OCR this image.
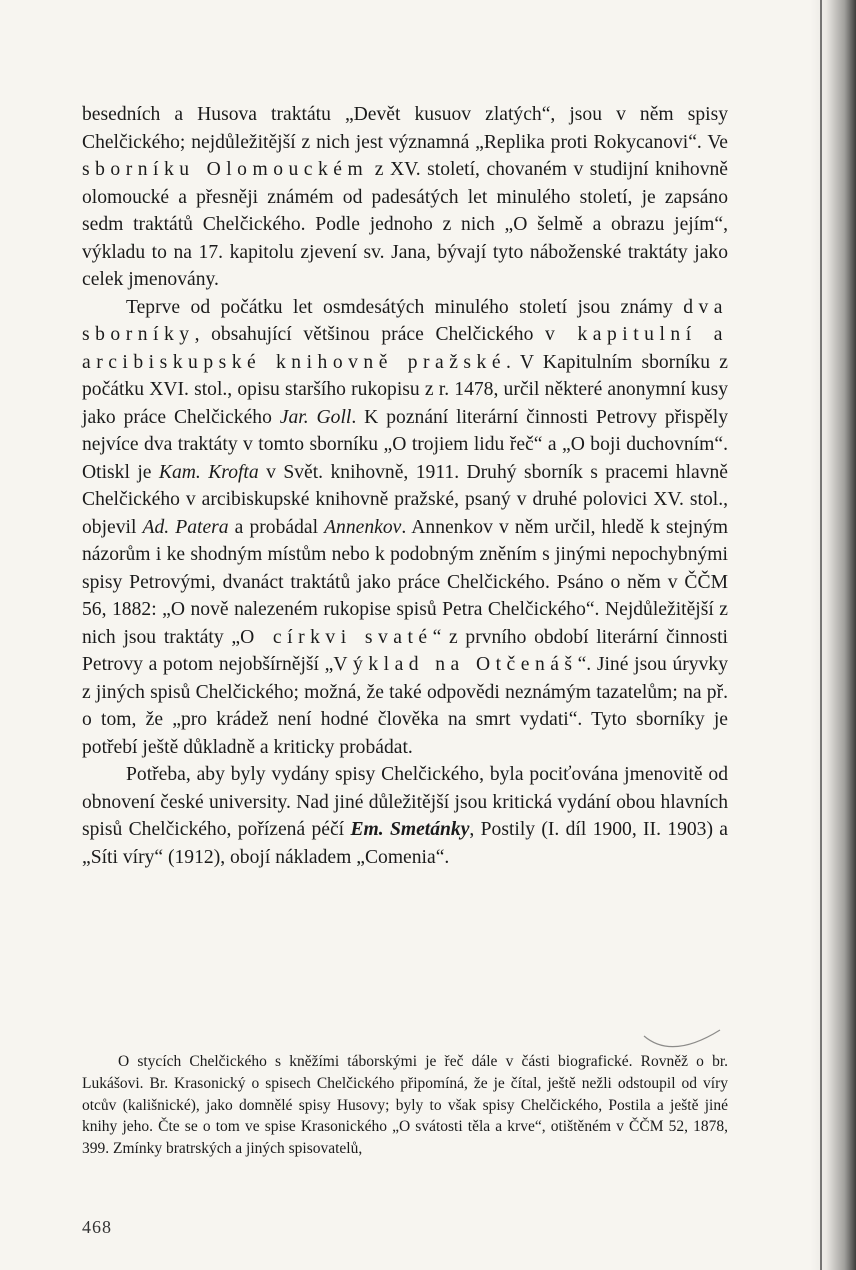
besedních a Husova traktátu „Devět kusuov zlatých“, jsou v něm spisy Chelčického; nejdůležitější z nich jest významná „Replika proti Rokycanovi“. Ve sborníku Olomouckém z XV. století, chovaném v studijní knihovně olomoucké a přesněji známém od padesátých let minulého století, je zapsáno sedm traktátů Chelčického. Podle jednoho z nich „O šelmě a obrazu jejím“, výkladu to na 17. kapitolu zjevení sv. Jana, bývají tyto náboženské traktáty jako celek jmenovány.

Teprve od počátku let osmdesátých minulého století jsou známy dva sborníky, obsahující většinou práce Chelčického v kapitulní a arcibiskupské knihovně pražské. V Kapitulním sborníku z počátku XVI. stol., opisu staršího rukopisu z r. 1478, určil některé anonymní kusy jako práce Chelčického Jar. Goll. K poznání literární činnosti Petrovy přispěly nejvíce dva traktáty v tomto sborníku „O trojiem lidu řeč“ a „O boji duchovním“. Otiskl je Kam. Krofta v Svět. knihovně, 1911. Druhý sborník s pracemi hlavně Chelčického v arcibiskupské knihovně pražské, psaný v druhé polovici XV. stol., objevil Ad. Patera a probádal Annenkov. Annenkov v něm určil, hledě k stejným názorům i ke shodným místům nebo k podobným zněním s jinými nepochybnými spisy Petrovými, dvanáct traktátů jako práce Chelčického. Psáno o něm v ČČM 56, 1882: „O nově nalezeném rukopise spisů Petra Chelčického“. Nejdůležitější z nich jsou traktáty „O církvi svaté“ z prvního období literární činnosti Petrovy a potom nejobšírnější „Výklad na Otčenáš“. Jiné jsou úryvky z jiných spisů Chelčického; možná, že také odpovědi neznámým tazatelům; na př. o tom, že „pro krádež není hodné člověka na smrt vydati“. Tyto sborníky je potřebí ještě důkladně a kriticky probádat.

Potřeba, aby byly vydány spisy Chelčického, byla pociťována jmenovitě od obnovení české university. Nad jiné důležitější jsou kritická vydání obou hlavních spisů Chelčického, pořízená péčí Em. Smetánky, Postily (I. díl 1900, II. 1903) a „Síti víry“ (1912), obojí nákladem „Comenia“.

O stycích Chelčického s kněžími táborskými je řeč dále v části biografické. Rovněž o br. Lukášovi. Br. Krasonický o spisech Chelčického připomíná, že je čítal, ještě nežli odstoupil od víry otcův (kališnické), jako domnělé spisy Husovy; byly to však spisy Chelčického, Postila a ještě jiné knihy jeho. Čte se o tom ve spise Krasonického „O svátosti těla a krve“, otištěném v ČČM 52, 1878, 399. Zmínky bratrských a jiných spisovatelů,

468
